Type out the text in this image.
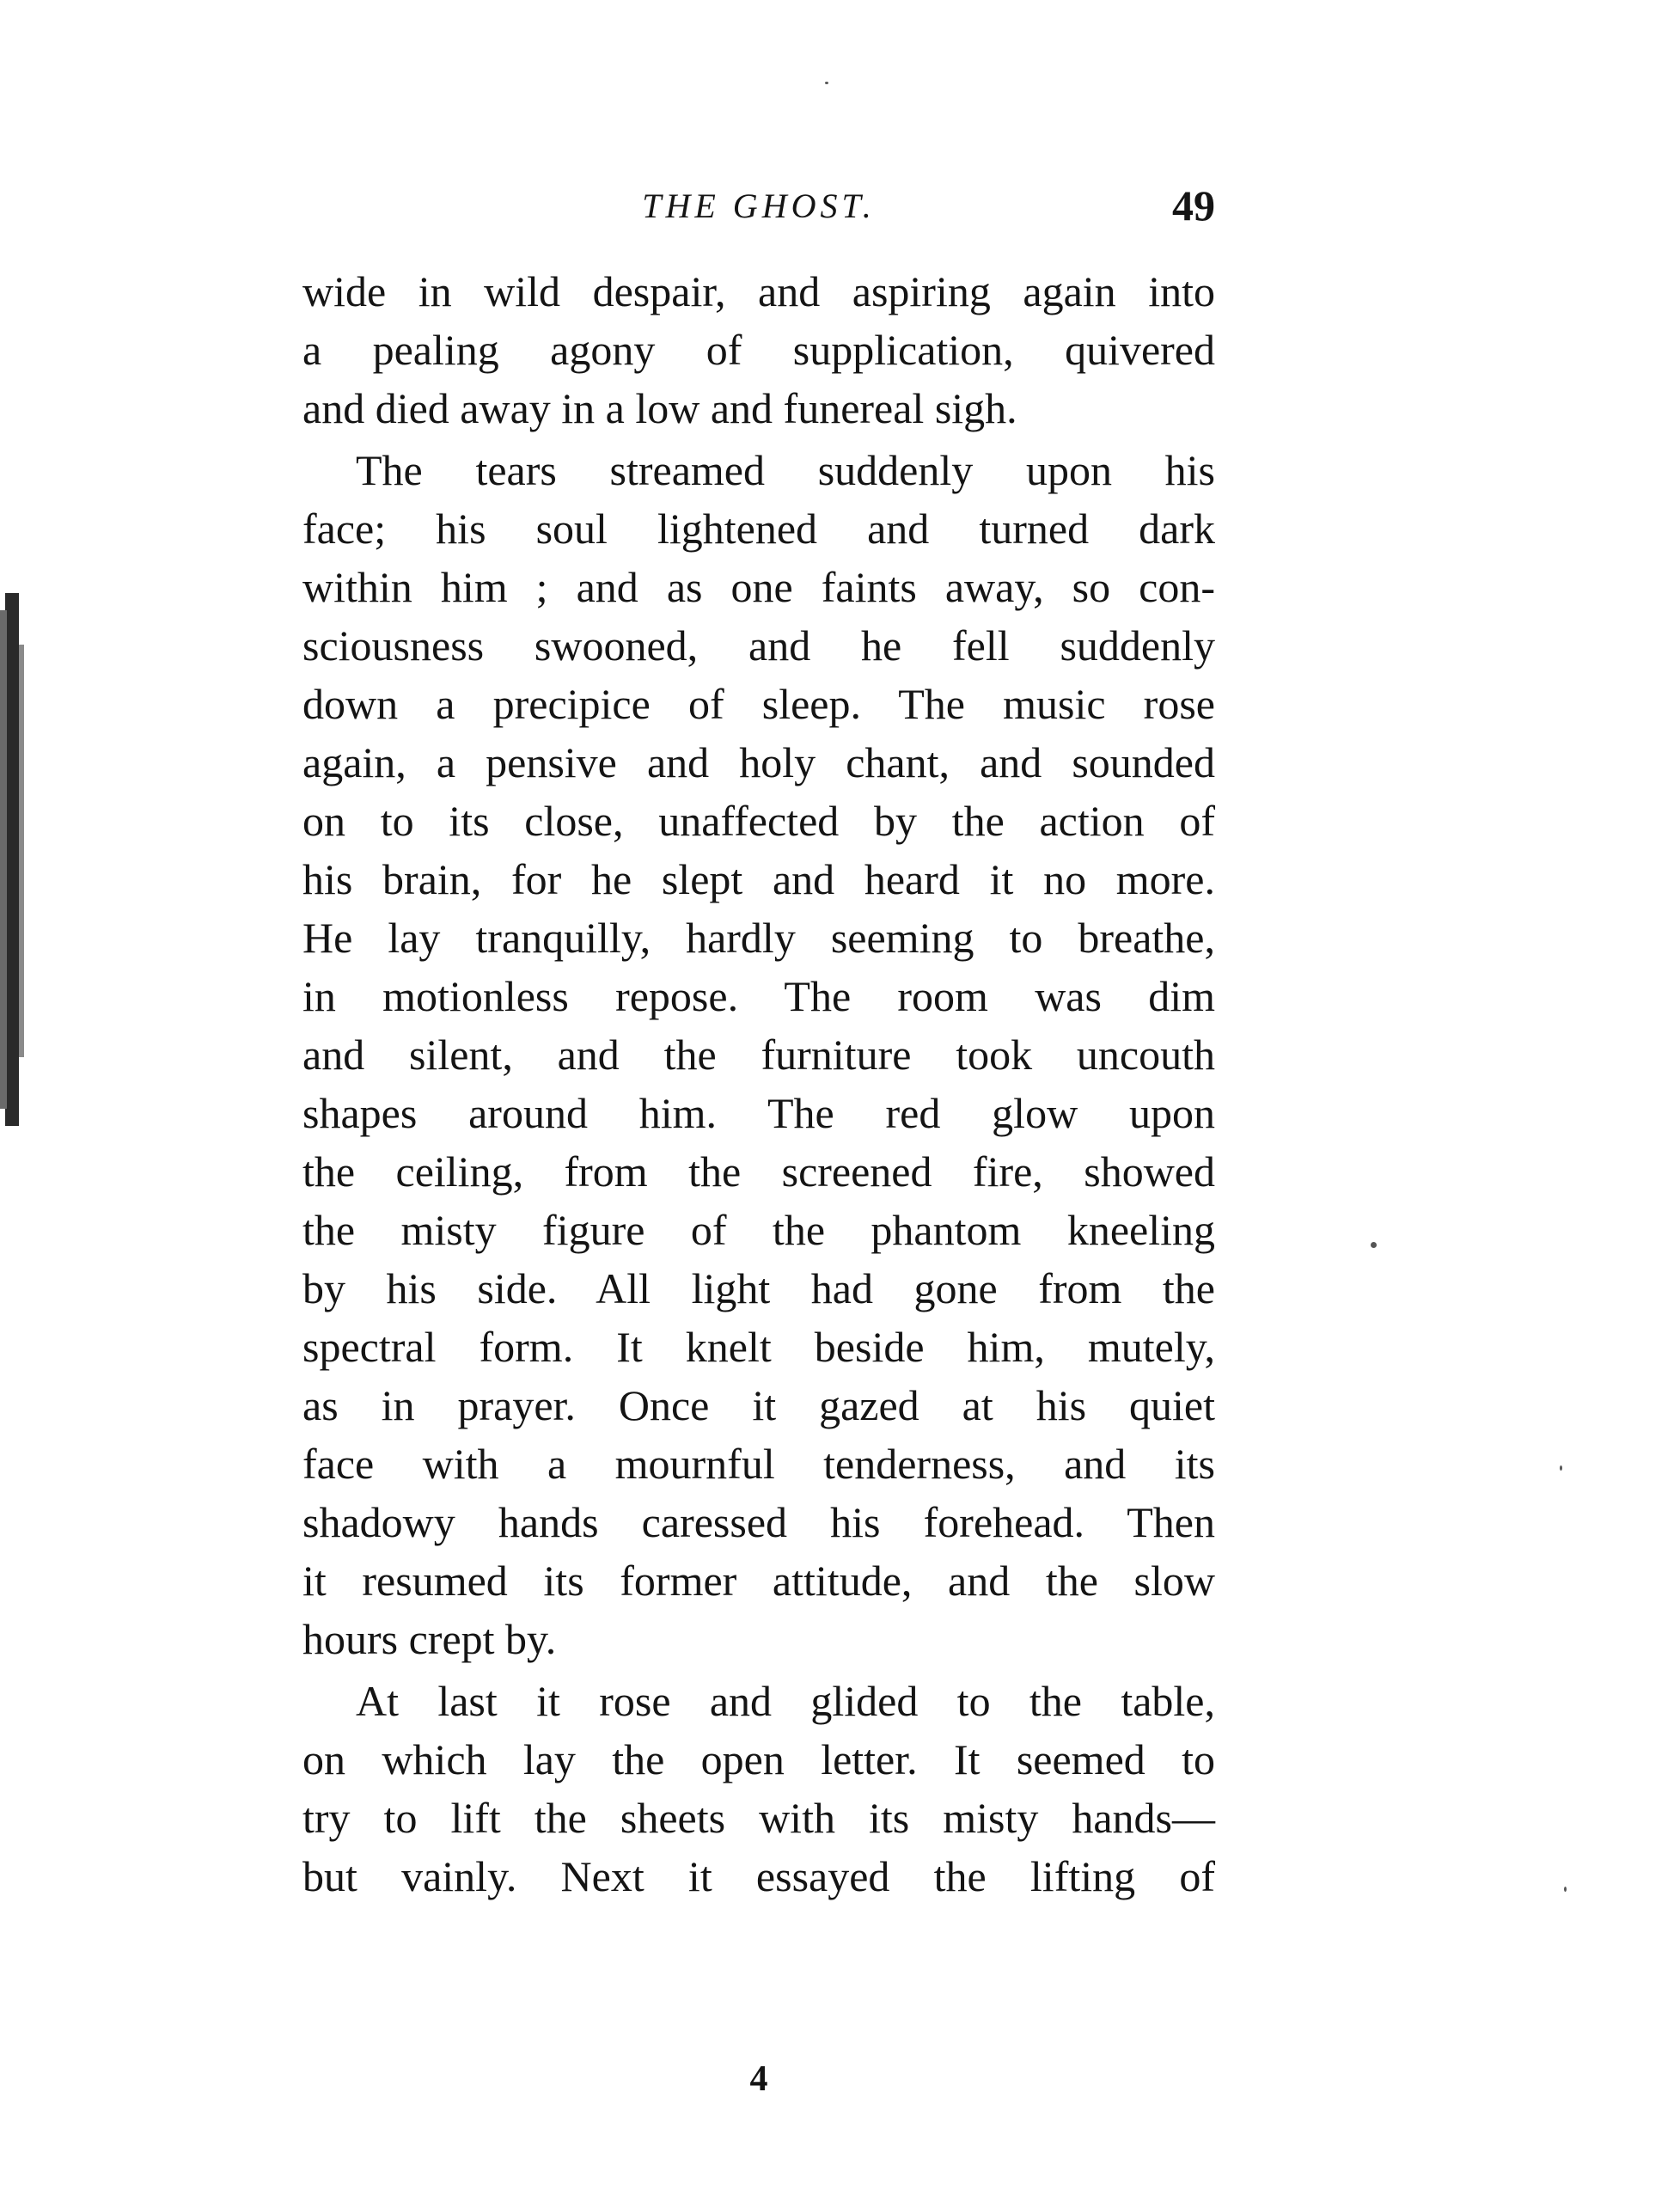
THE GHOST.	49
wide in wild despair, and aspiring again into
a pealing agony of supplication, quivered
and died away in a low and funereal sigh.
The tears streamed suddenly upon his
face; his soul lightened and turned dark
within him ; and as one faints away, so con-
sciousness swooned, and he fell suddenly
down a precipice of sleep. The music rose
again, a pensive and holy chant, and sounded
on to its close, unaffected by the action of
his brain, for he slept and heard it no more.
He lay tranquilly, hardly seeming to breathe,
in motionless repose. The room was dim
and silent, and the furniture took uncouth
shapes around him. The red glow upon
the ceiling, from the screened fire, showed
the misty figure of the phantom kneeling
by his side. All light had gone from the
spectral form. It knelt beside him, mutely,
as in prayer. Once it gazed at his quiet
face with a mournful tenderness, and its
shadowy hands caressed his forehead. Then
it resumed its former attitude, and the slow
hours crept by.
At last it rose and glided to the table,
on which lay the open letter. It seemed to
try to lift the sheets with its misty hands—
but vainly. Next it essayed the lifting of
4
